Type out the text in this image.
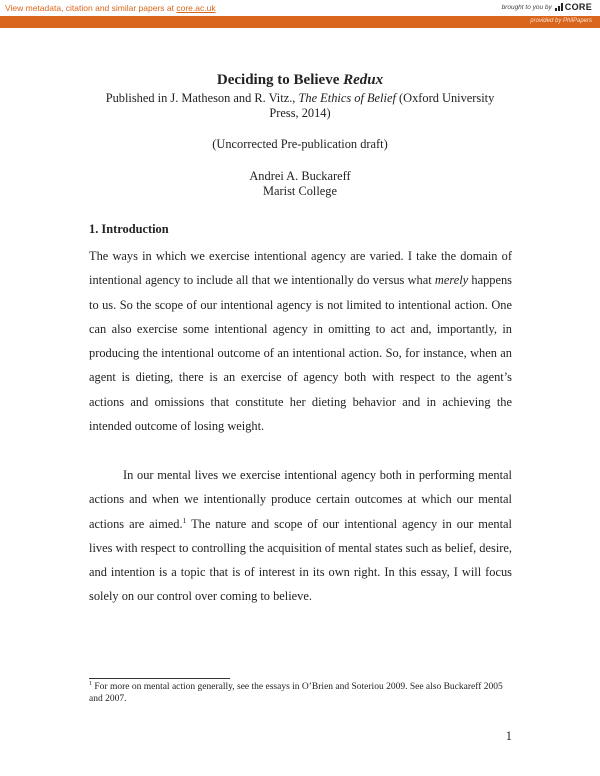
View metadata, citation and similar papers at core.ac.uk	brought to you by CORE
provided by PhilPapers
Deciding to Believe Redux
Published in J. Matheson and R. Vitz., The Ethics of Belief (Oxford University Press, 2014)
(Uncorrected Pre-publication draft)
Andrei A. Buckareff
Marist College
1. Introduction

The ways in which we exercise intentional agency are varied. I take the domain of intentional agency to include all that we intentionally do versus what merely happens to us. So the scope of our intentional agency is not limited to intentional action. One can also exercise some intentional agency in omitting to act and, importantly, in producing the intentional outcome of an intentional action. So, for instance, when an agent is dieting, there is an exercise of agency both with respect to the agent’s actions and omissions that constitute her dieting behavior and in achieving the intended outcome of losing weight.

In our mental lives we exercise intentional agency both in performing mental actions and when we intentionally produce certain outcomes at which our mental actions are aimed.$^1$ The nature and scope of our intentional agency in our mental lives with respect to controlling the acquisition of mental states such as belief, desire, and intention is a topic that is of interest in its own right. In this essay, I will focus solely on our control over coming to believe.

$^1$ For more on mental action generally, see the essays in O’Brien and Soteriou 2009. See also Buckareff 2005 and 2007.

1
